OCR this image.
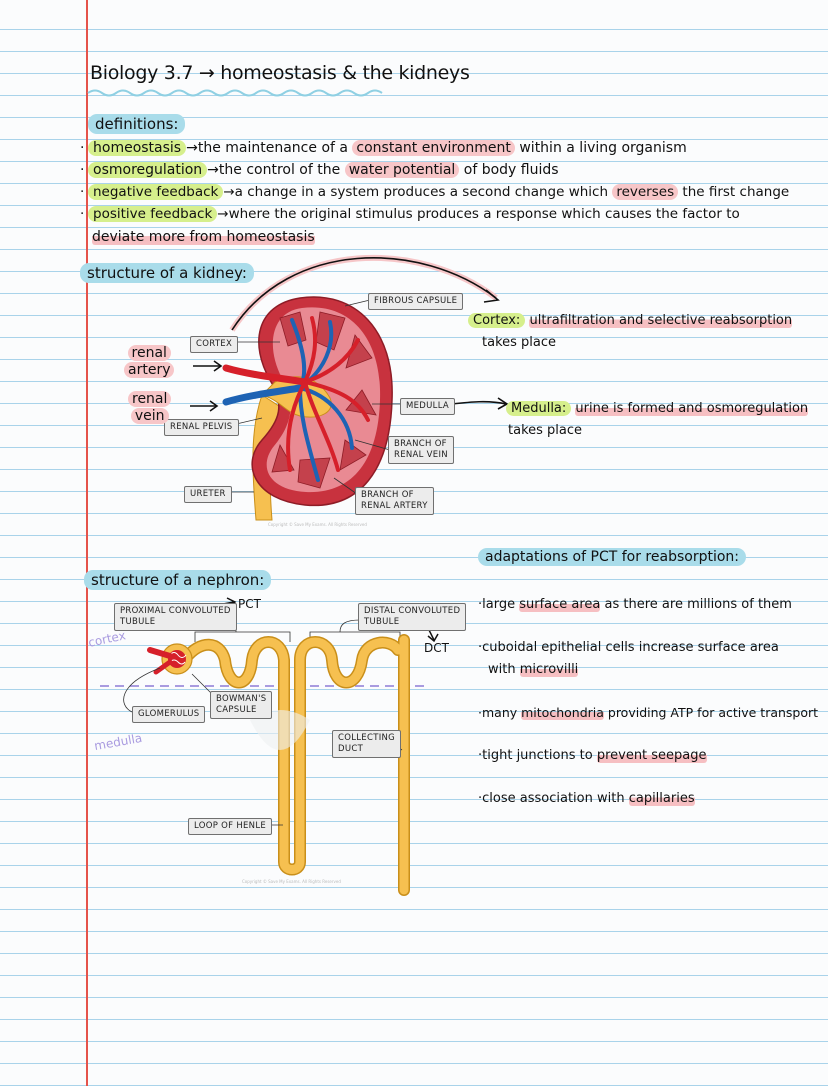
Biology 3.7 → homeostasis & the kidneys
definitions:
· homeostasis →the maintenance of a constant environment within a living organism
· osmoregulation →the control of the water potential of body fluids
· negative feedback →a change in a system produces a second change which reverses the first change
· positive feedback →where the original stimulus produces a response which causes the factor to
deviate more from homeostasis
structure of a kidney:
FIBROUS CAPSULE
CORTEX
MEDULLA
RENAL PELVIS
BRANCH OF
RENAL VEIN
URETER	BRANCH OF
RENAL ARTERY
renal
artery
renal
vein
Copyright © Save My Exams. All Rights Reserved
Cortex: ultrafiltration and selective reabsorption
takes place
Medulla: urine is formed and osmoregulation
takes place
adaptations of PCT for reabsorption:
·large surface area as there are millions of them
·cuboidal epithelial cells increase surface area
with microvilli
·many mitochondria providing ATP for active transport
·tight junctions to prevent seepage
·close association with capillaries
structure of a nephron:
PROXIMAL CONVOLUTED
TUBULE
PCT	DISTAL CONVOLUTED
TUBULE
DCT
BOWMAN'S
CAPSULE
GLOMERULUS
COLLECTING
DUCT
LOOP OF HENLE
cortex
medulla
Copyright © Save My Exams. All Rights Reserved
